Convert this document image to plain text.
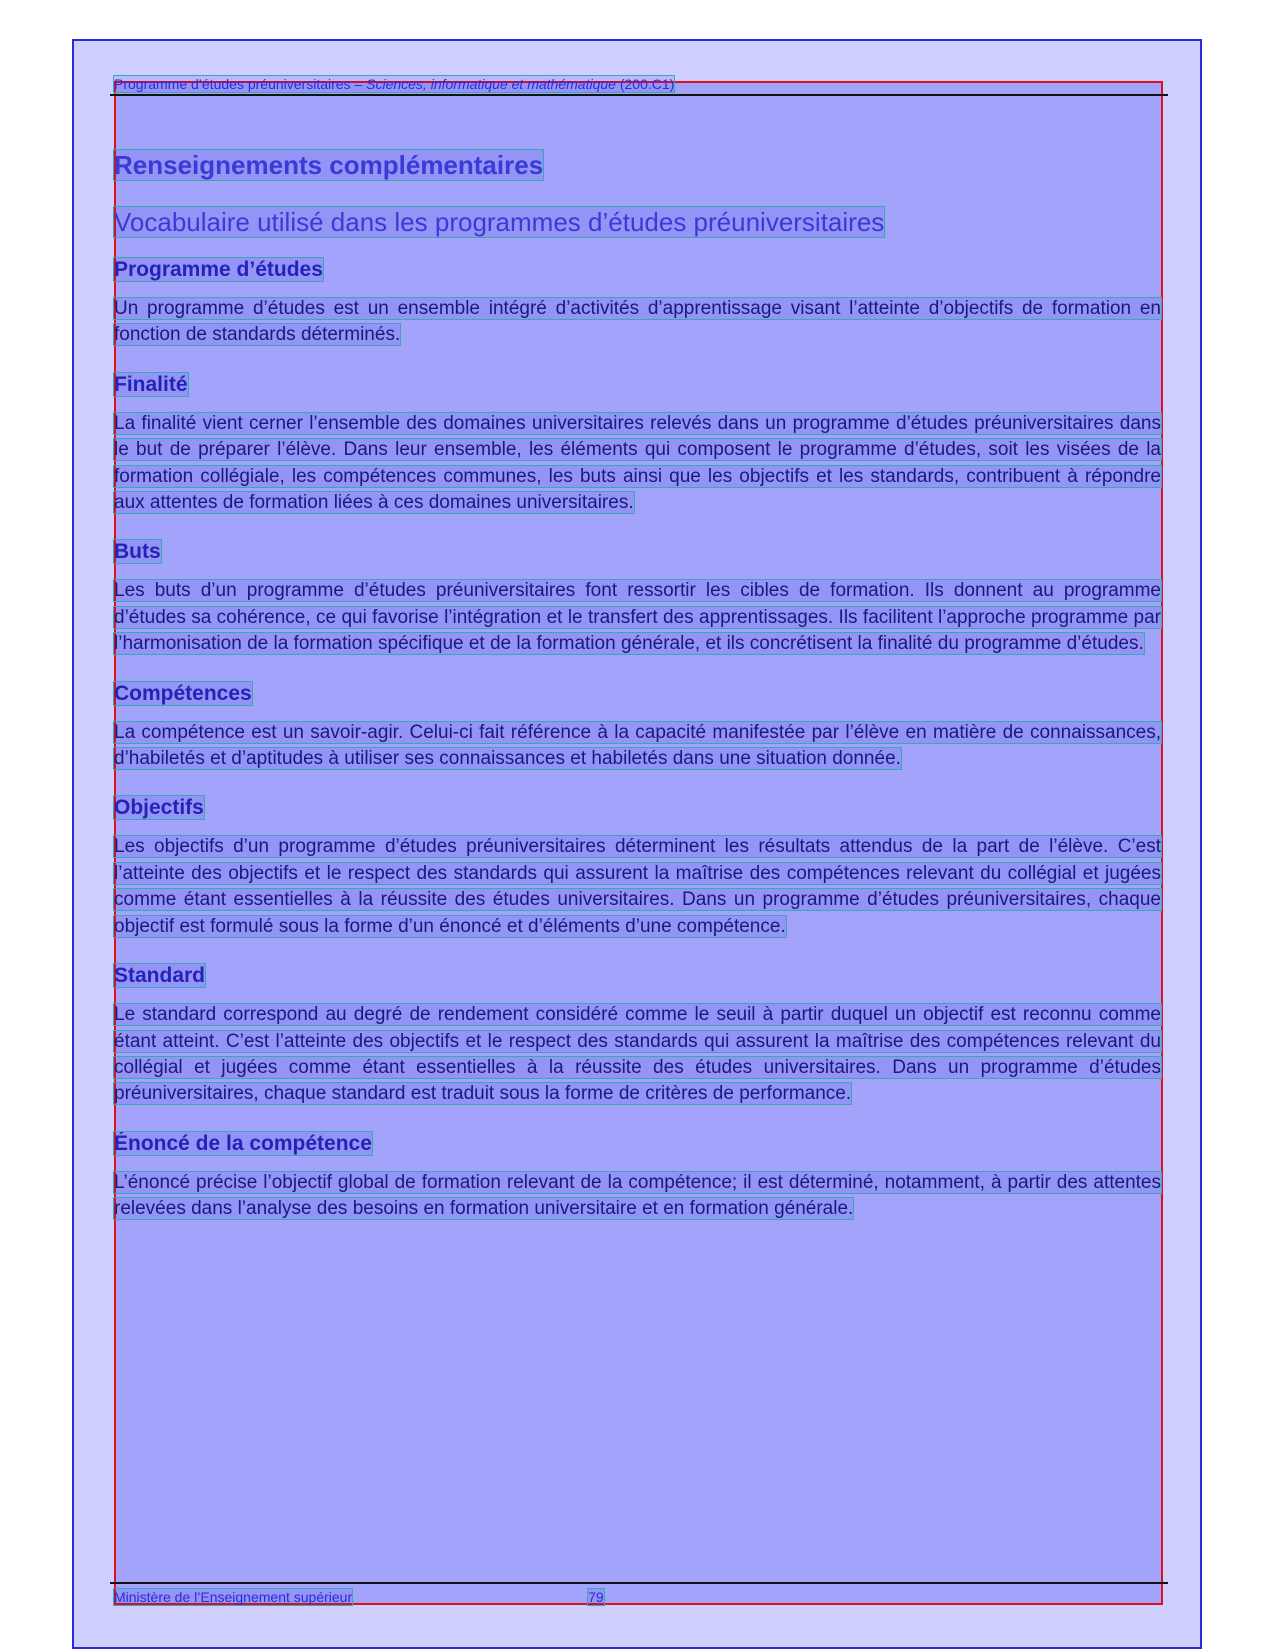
Programme d’études préuniversitaires – Sciences, informatique et mathématique (200.C1)
Renseignements complémentaires
Vocabulaire utilisé dans les programmes d’études préuniversitaires
Programme d’études

Un programme d’études est un ensemble intégré d’activités d’apprentissage visant l’atteinte d’objectifs de formation en fonction de standards déterminés.

Finalité

La finalité vient cerner l’ensemble des domaines universitaires relevés dans un programme d’études préuniversitaires dans le but de préparer l’élève. Dans leur ensemble, les éléments qui composent le programme d’études, soit les visées de la formation collégiale, les compétences communes, les buts ainsi que les objectifs et les standards, contribuent à répondre aux attentes de formation liées à ces domaines universitaires.

Buts

Les buts d’un programme d’études préuniversitaires font ressortir les cibles de formation. Ils donnent au programme d’études sa cohérence, ce qui favorise l’intégration et le transfert des apprentissages. Ils facilitent l’approche programme par l’harmonisation de la formation spécifique et de la formation générale, et ils concrétisent la finalité du programme d’études.

Compétences

La compétence est un savoir-agir. Celui-ci fait référence à la capacité manifestée par l’élève en matière de connaissances, d’habiletés et d’aptitudes à utiliser ses connaissances et habiletés dans une situation donnée.

Objectifs

Les objectifs d’un programme d’études préuniversitaires déterminent les résultats attendus de la part de l’élève. C’est l’atteinte des objectifs et le respect des standards qui assurent la maîtrise des compétences relevant du collégial et jugées comme étant essentielles à la réussite des études universitaires. Dans un programme d’études préuniversitaires, chaque objectif est formulé sous la forme d’un énoncé et d’éléments d’une compétence.

Standard

Le standard correspond au degré de rendement considéré comme le seuil à partir duquel un objectif est reconnu comme étant atteint. C’est l’atteinte des objectifs et le respect des standards qui assurent la maîtrise des compétences relevant du collégial et jugées comme étant essentielles à la réussite des études universitaires. Dans un programme d’études préuniversitaires, chaque standard est traduit sous la forme de critères de performance.

Énoncé de la compétence

L’énoncé précise l’objectif global de formation relevant de la compétence; il est déterminé, notamment, à partir des attentes relevées dans l’analyse des besoins en formation universitaire et en formation générale.

Ministère de l’Enseignement supérieur	79
